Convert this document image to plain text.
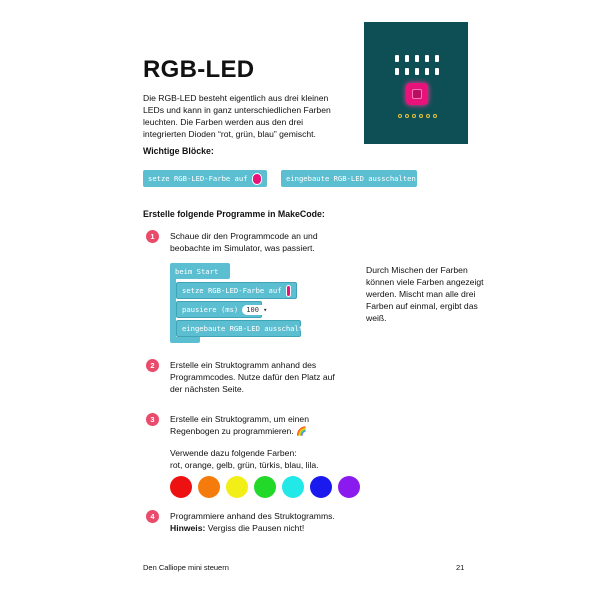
RGB-LED
Die RGB-LED besteht eigentlich aus drei kleinen LEDs und kann in ganz unterschiedlichen Farben leuchten. Die Farben werden aus den drei integrierten Dioden “rot, grün, blau” gemischt.
Wichtige Blöcke:
setze RGB-LED-Farbe auf	eingebaute RGB-LED ausschalten
Erstelle folgende Programme in MakeCode:
1	Schaue dir den Programmcode an und beobachte im Simulator, was passiert.
beim Start
setze RGB-LED-Farbe auf
pausiere (ms)	100 ▾
eingebaute RGB-LED ausschalten
Durch Mischen der Farben können viele Farben angezeigt werden. Mischt man alle drei Farben auf einmal, ergibt das weiß.
2	Erstelle ein Struktogramm anhand des Programmcodes. Nutze dafür den Platz auf der nächsten Seite.
3	Erstelle ein Struktogramm, um einen Regenbogen zu programmieren. 🌈
Verwende dazu folgende Farben:
rot, orange, gelb, grün, türkis, blau, lila.
4	Programmiere anhand des Struktogramms.
Hinweis: Vergiss die Pausen nicht!
Den Calliope mini steuern	21
